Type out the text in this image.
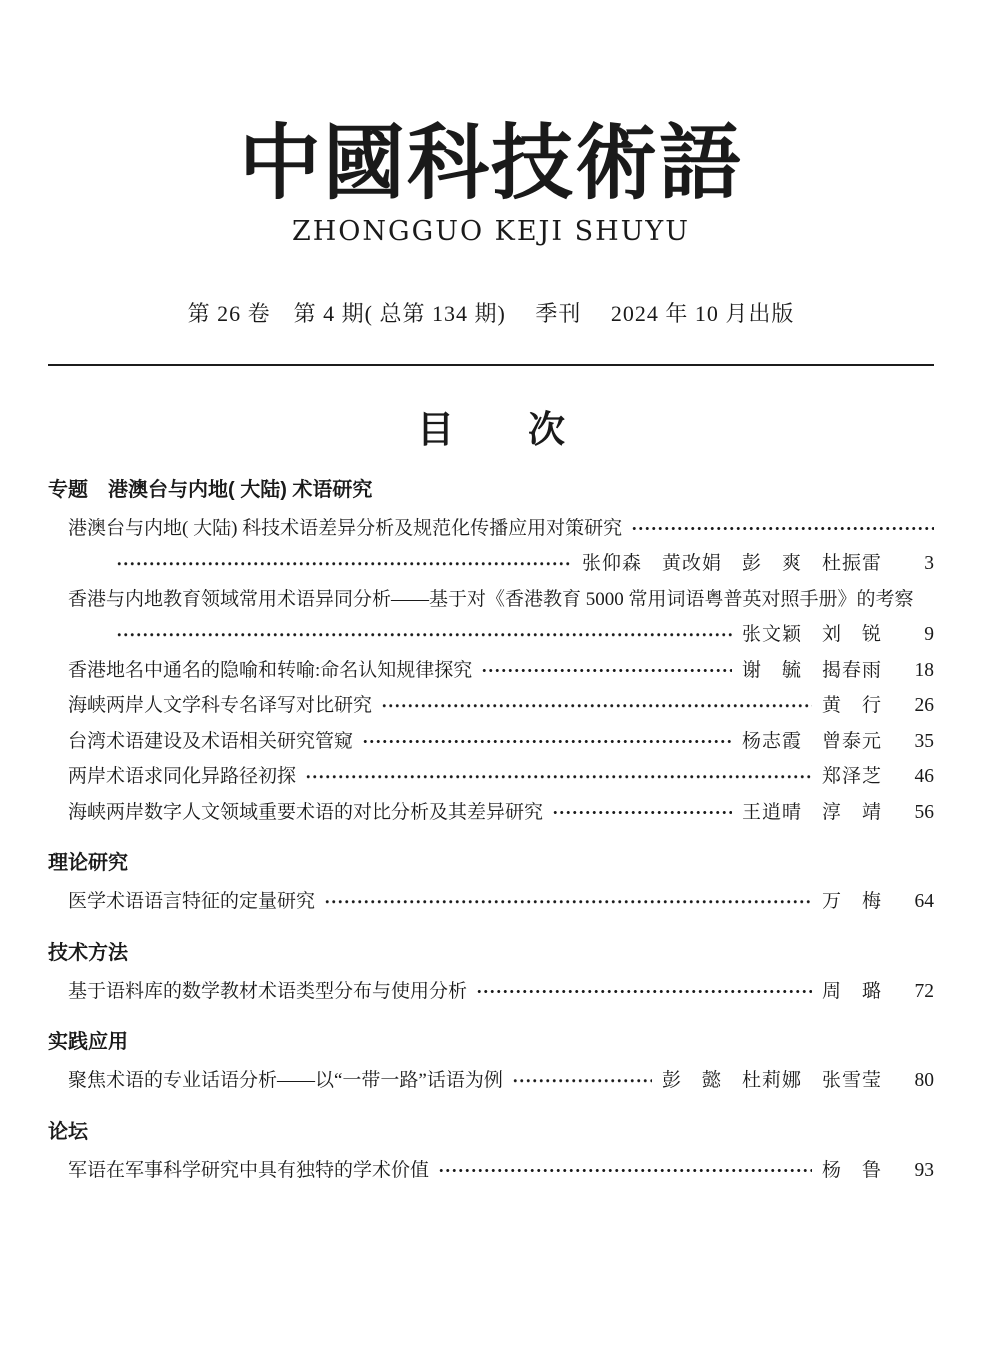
中國科技術語
ZHONGGUO KEJI SHUYU
第 26 卷　第 4 期( 总第 134 期)　 季刊　 2024 年 10 月出版
目　　次
专题　港澳台与内地( 大陆) 术语研究
港澳台与内地( 大陆) 科技术语差异分析及规范化传播应用对策研究
张仰森　黄改娟　彭　爽　杜振雷	3
香港与内地教育领域常用术语异同分析——基于对《香港教育 5000 常用词语粤普英对照手册》的考察
张文颖　刘　锐	9
香港地名中通名的隐喻和转喻:命名认知规律探究	谢　毓　揭春雨	18
海峡两岸人文学科专名译写对比研究	黄　行	26
台湾术语建设及术语相关研究管窥	杨志霞　曾泰元	35
两岸术语求同化异路径初探	郑泽芝	46
海峡两岸数字人文领域重要术语的对比分析及其差异研究	王逍晴　淳　靖	56
理论研究
医学术语语言特征的定量研究	万　梅	64
技术方法
基于语料库的数学教材术语类型分布与使用分析	周　璐	72
实践应用
聚焦术语的专业话语分析——以“一带一路”话语为例	彭　懿　杜莉娜　张雪莹	80
论坛
军语在军事科学研究中具有独特的学术价值	杨　鲁	93
